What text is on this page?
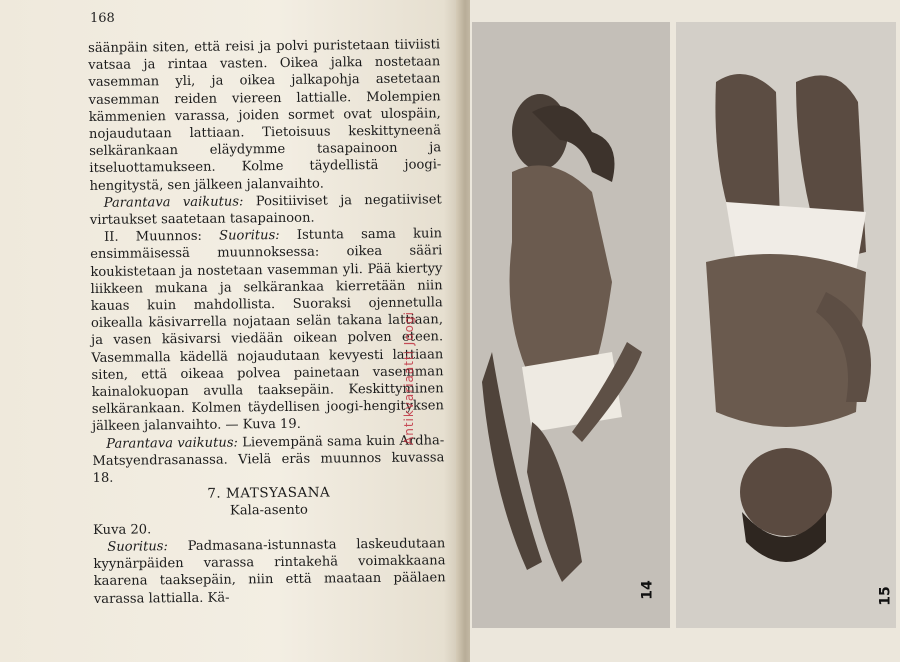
168

säänpäin siten, että reisi ja polvi puristetaan tiiviisti vatsaa ja rintaa vasten. Oikea jalka nostetaan vasemman yli, ja oikea jalkapohja asetetaan vasemman reiden viereen lattialle. Molempien kämmenien varassa, joiden sormet ovat ulospäin, nojaudutaan lattiaan. Tietoisuus keskittyneenä selkärankaan eläydymme tasapainoon ja itseluottamukseen. Kolme täydellistä joogi-hengitystä, sen jälkeen jalanvaihto.

Parantava vaikutus: Positiiviset ja negatiiviset virtaukset saatetaan tasapainoon.

II. Muunnos: Suoritus: Istunta sama kuin ensimmäisessä muunnoksessa: oikea sääri koukistetaan ja nostetaan vasemman yli. Pää kiertyy liikkeen mukana ja selkärankaa kierretään niin kauas kuin mahdollista. Suoraksi ojennetulla oikealla käsivarrella nojataan selän takana lattiaan, ja vasen käsivarsi viedään oikean polven eteen. Vasemmalla kädellä nojaudutaan kevyesti lattiaan siten, että oikeaa polvea painetaan vasemman kainalokuopan avulla taaksepäin. Keskittyminen selkärankaan. Kolmen täydellisen joogi-hengityksen jälkeen jalanvaihto. — Kuva 19.

Parantava vaikutus: Lievempänä sama kuin Ardha-Matsyendrasanassa. Vielä eräs muunnos kuvassa 18.

7. MATSYASANA

Kala-asento

Kuva 20.

Suoritus: Padmasana-istunnasta laskeudutaan kyynärpäiden varassa rintakehä voimakkaana kaarena taaksepäin, niin että maataan päälaen varassa lattialla. Kä-	14	15
Antikvariaatti Joogi
